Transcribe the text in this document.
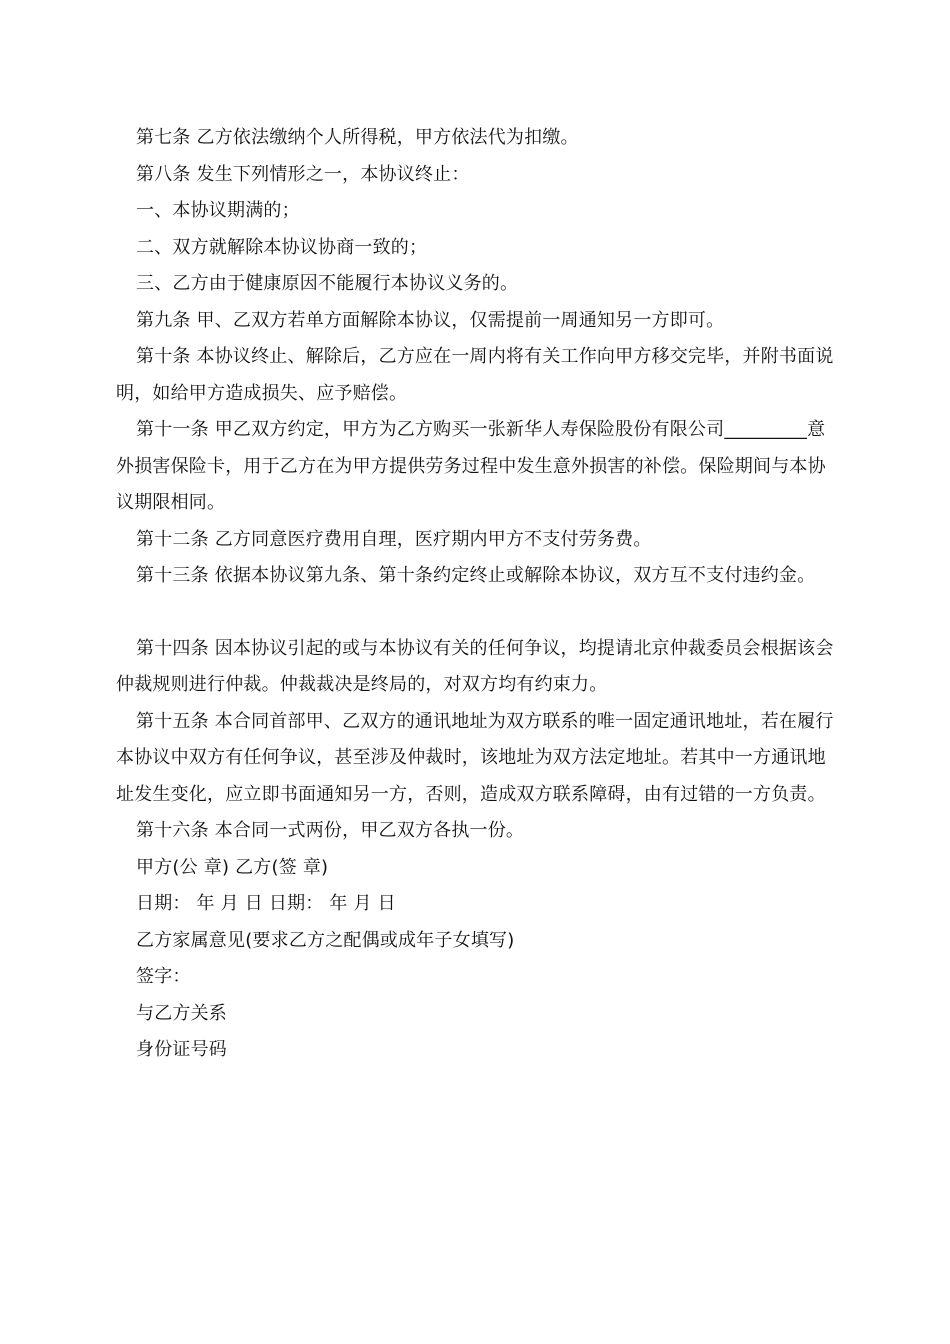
第七条 乙方依法缴纳个人所得税，甲方依法代为扣缴。

第八条 发生下列情形之一，本协议终止：

一、本协议期满的；

二、双方就解除本协议协商一致的；

三、乙方由于健康原因不能履行本协议义务的。

第九条 甲、乙双方若单方面解除本协议，仅需提前一周通知另一方即可。

第十条 本协议终止、解除后，乙方应在一周内将有关工作向甲方移交完毕，并附书面说明，如给甲方造成损失、应予赔偿。

第十一条 甲乙双方约定，甲方为乙方购买一张新华人寿保险股份有限公司_________意外损害保险卡，用于乙方在为甲方提供劳务过程中发生意外损害的补偿。保险期间与本协议期限相同。

第十二条 乙方同意医疗费用自理，医疗期内甲方不支付劳务费。

第十三条 依据本协议第九条、第十条约定终止或解除本协议，双方互不支付违约金。

第十四条 因本协议引起的或与本协议有关的任何争议，均提请北京仲裁委员会根据该会仲裁规则进行仲裁。仲裁裁决是终局的，对双方均有约束力。

第十五条 本合同首部甲、乙双方的通讯地址为双方联系的唯一固定通讯地址，若在履行本协议中双方有任何争议，甚至涉及仲裁时，该地址为双方法定地址。若其中一方通讯地址发生变化，应立即书面通知另一方，否则，造成双方联系障碍，由有过错的一方负责。

第十六条 本合同一式两份，甲乙双方各执一份。

甲方(公 章) 乙方(签 章)

日期： 年 月 日 日期： 年 月 日

乙方家属意见(要求乙方之配偶或成年子女填写)

签字：

与乙方关系

身份证号码
